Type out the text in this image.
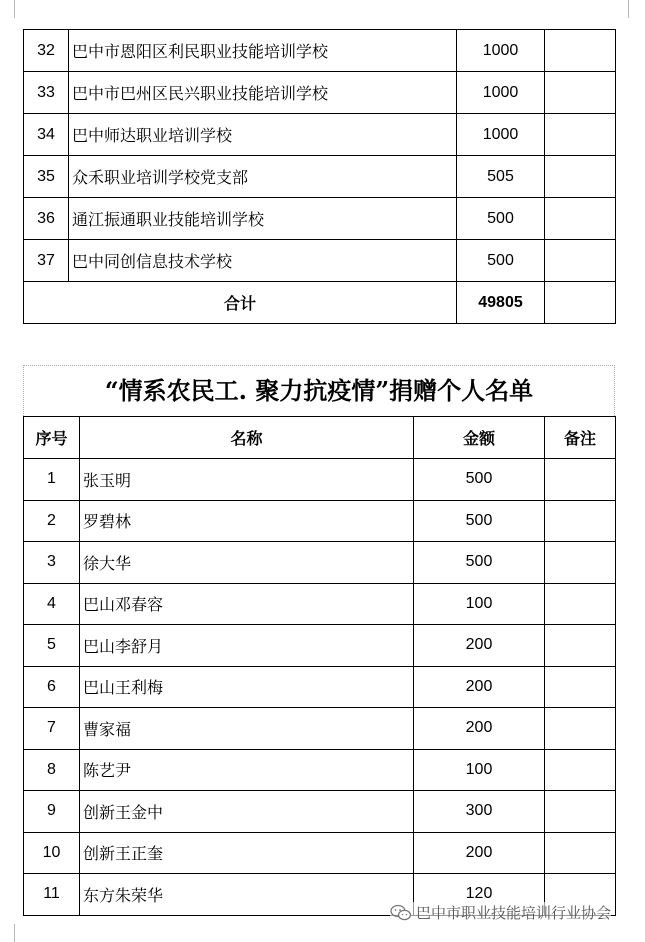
32	巴中市恩阳区利民职业技能培训学校	1000	
33	巴中市巴州区民兴职业技能培训学校	1000	
34	巴中师达职业培训学校	1000	
35	众禾职业培训学校党支部	505	
36	通江振通职业技能培训学校	500	
37	巴中同创信息技术学校	500	
合计		49805	
“情系农民工. 聚力抗疫情”捐赠个人名单
序号	名称	金额	备注
1	张玉明	500	
2	罗碧林	500	
3	徐大华	500	
4	巴山邓春容	100	
5	巴山李舒月	200	
6	巴山王利梅	200	
7	曹家福	200	
8	陈艺尹	100	
9	创新王金中	300	
10	创新王正奎	200	
11	东方朱荣华	120	
巴中市职业技能培训行业协会
